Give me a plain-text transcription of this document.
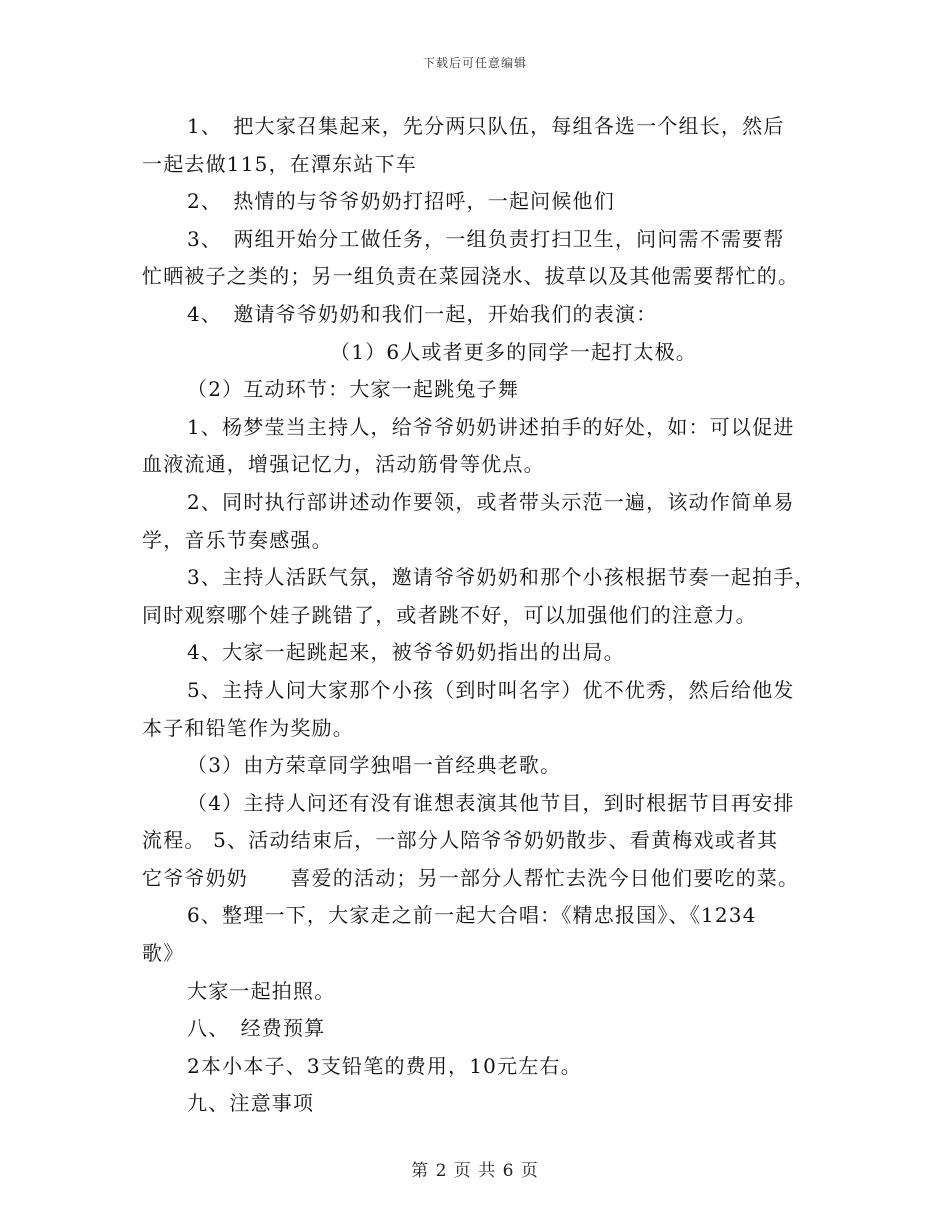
下载后可任意编辑

1、　把大家召集起来，先分两只队伍，每组各选一个组长，然后

一起去做115，在潭东站下车

2、　热情的与爷爷奶奶打招呼，一起问候他们

3、　两组开始分工做任务，一组负责打扫卫生，问问需不需要帮

忙晒被子之类的；另一组负责在菜园浇水、拔草以及其他需要帮忙的。

4、　邀请爷爷奶奶和我们一起，开始我们的表演：

（1）6人或者更多的同学一起打太极。

（2）互动环节：大家一起跳兔子舞

1、杨梦莹当主持人，给爷爷奶奶讲述拍手的好处，如：可以促进

血液流通，增强记忆力，活动筋骨等优点。

2、同时执行部讲述动作要领，或者带头示范一遍，该动作简单易

学，音乐节奏感强。

3、主持人活跃气氛，邀请爷爷奶奶和那个小孩根据节奏一起拍手，

同时观察哪个娃子跳错了，或者跳不好，可以加强他们的注意力。

4、大家一起跳起来，被爷爷奶奶指出的出局。

5、主持人问大家那个小孩（到时叫名字）优不优秀，然后给他发

本子和铅笔作为奖励。

（3）由方荣章同学独唱一首经典老歌。

（4）主持人问还有没有谁想表演其他节目，到时根据节目再安排

流程。 5、活动结束后，一部分人陪爷爷奶奶散步、看黄梅戏或者其

它爷爷奶奶　　喜爱的活动；另一部分人帮忙去洗今日他们要吃的菜。

6、整理一下，大家走之前一起大合唱：《精忠报国》、《1234

歌》

大家一起拍照。

八、　经费预算

2本小本子、3支铅笔的费用，10元左右。

九、注意事项

第 2 页 共 6 页
